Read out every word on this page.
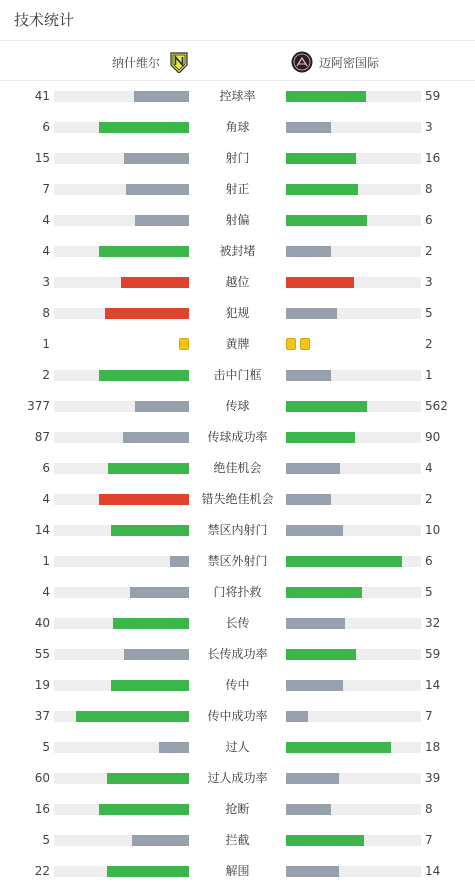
技术统计
纳什维尔	迈阿密国际
41	控球率	59
6	角球	3
15	射门	16
7	射正	8
4	射偏	6
4	被封堵	2
3	越位	3
8	犯规	5
1	黄牌	2
2	击中门框	1
377	传球	562
87	传球成功率	90
6	绝佳机会	4
4	错失绝佳机会	2
14	禁区内射门	10
1	禁区外射门	6
4	门将扑救	5
40	长传	32
55	长传成功率	59
19	传中	14
37	传中成功率	7
5	过人	18
60	过人成功率	39
16	抢断	8
5	拦截	7
22	解围	14
